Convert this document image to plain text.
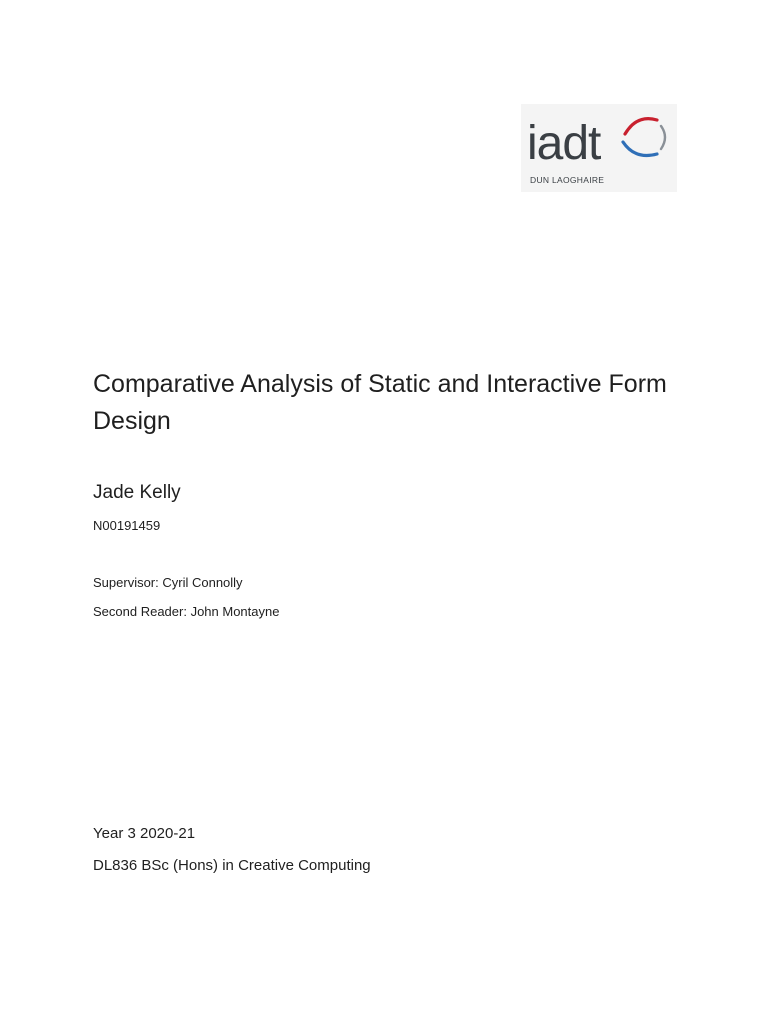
iadt
DUN LAOGHAIRE
Comparative Analysis of Static and Interactive Form Design
Jade Kelly

N00191459

Supervisor: Cyril Connolly

Second Reader: John Montayne

Year 3 2020-21

DL836 BSc (Hons) in Creative Computing
